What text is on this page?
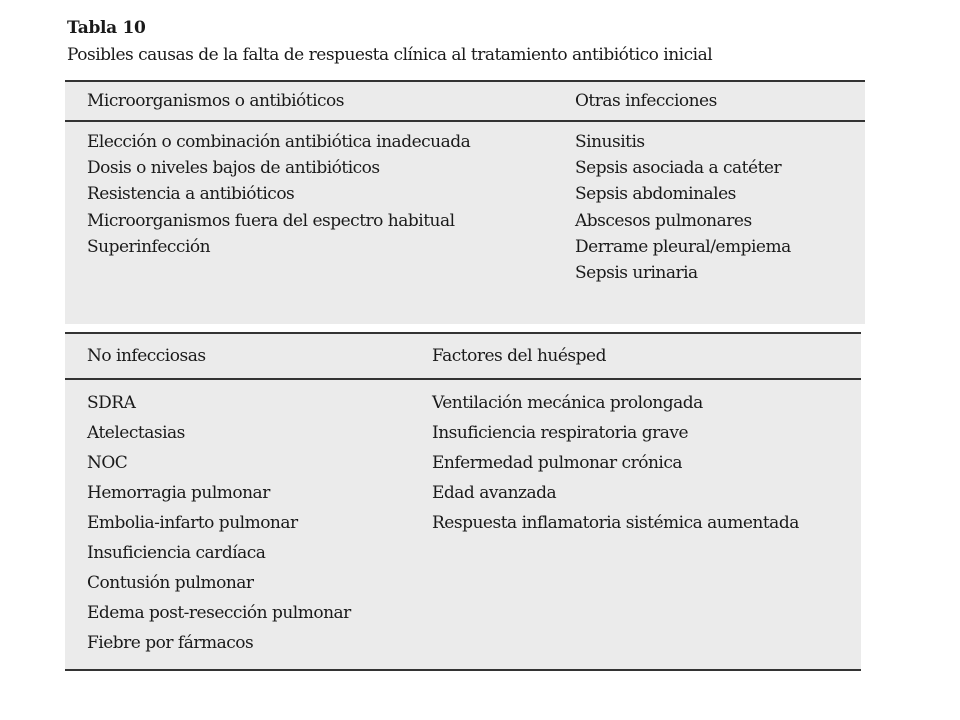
Tabla 10
Posibles causas de la falta de respuesta clínica al tratamiento antibiótico inicial
Microorganismos o antibióticos	Otras infecciones
Elección o combinación antibiótica inadecuada
Dosis o niveles bajos de antibióticos
Resistencia a antibióticos
Microorganismos fuera del espectro habitual
Superinfección
Sinusitis
Sepsis asociada a catéter
Sepsis abdominales
Abscesos pulmonares
Derrame pleural/empiema
Sepsis urinaria
No infecciosas	Factores del huésped
SDRA
Atelectasias
NOC
Hemorragia pulmonar
Embolia-infarto pulmonar
Insuficiencia cardíaca
Contusión pulmonar
Edema post-resección pulmonar
Fiebre por fármacos
Ventilación mecánica prolongada
Insuficiencia respiratoria grave
Enfermedad pulmonar crónica
Edad avanzada
Respuesta inflamatoria sistémica aumentada
